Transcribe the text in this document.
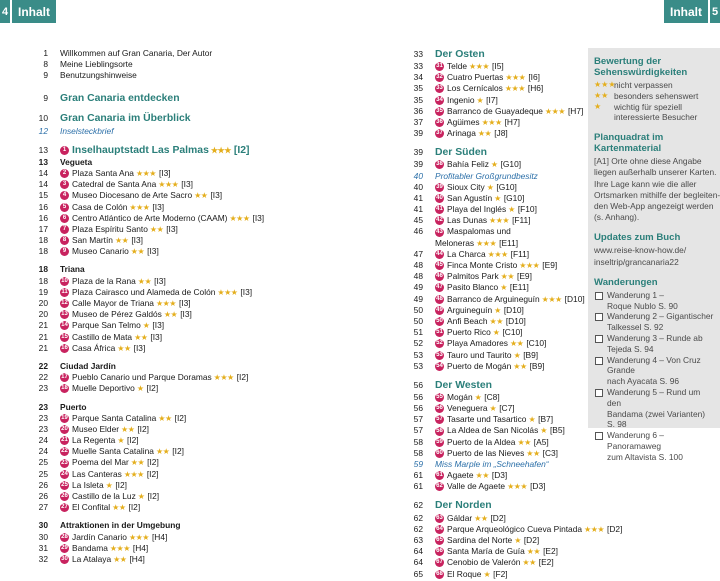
4 Inhalt	Inhalt 5
1 Willkommen auf Gran Canaria, Der Autor
8 Meine Lieblingsorte
9 Benutzungshinweise
9 Gran Canaria entdecken
10 Gran Canaria im Überblick
12 Inselsteckbrief
13	1 Inselhauptstadt Las Palmas ★★★ [I2]
13 Vegueta
14	2 Plaza Santa Ana ★★★ [I3]
14	3 Catedral de Santa Ana ★★★ [I3]
15	4 Museo Diocesano de Arte Sacro ★★ [I3]
16	5 Casa de Colón ★★★ [I3]
16	6 Centro Atlántico de Arte Moderno (CAAM) ★★★ [I3]
17	7 Plaza Espíritu Santo ★★ [I3]
18	8 San Martín ★★ [I3]
18	9 Museo Canario ★★ [I3]
18 Triana
18 10 Plaza de la Rana ★★ [I3]
19 11 Plaza Cairasco und Alameda de Colón ★★★ [I3]
20 12 Calle Mayor de Triana ★★★ [I3]
20 13 Museo de Pérez Galdós ★★ [I3]
21 14 Parque San Telmo ★ [I3]
21 15 Castillo de Mata ★★ [I3]
21 16 Casa África ★★ [I3]
22 Ciudad Jardín
22 17 Pueblo Canario und Parque Doramas ★★★ [I2]
23 18 Muelle Deportivo ★ [I2]
23 Puerto
23 19 Parque Santa Catalina ★★ [I2]
23 20 Museo Elder ★★ [I2]
24 21 La Regenta ★ [I2]
24 22 Muelle Santa Catalina ★★ [I2]
25 23 Poema del Mar ★★ [I2]
25 24 Las Canteras ★★★ [I2]
26 25 La Isleta ★ [I2]
26 26 Castillo de la Luz ★ [I2]
27 27 El Confital ★★ [I2]
30 Attraktionen in der Umgebung
30 28 Jardín Canario ★★★ [H4]
31 29 Bandama ★★★ [H4]
32 30 La Atalaya ★★ [H4]
33 Der Osten
33 31 Telde ★★★ [I5]
34 32 Cuatro Puertas ★★★ [I6]
35 33 Los Cernícalos ★★★ [H6]
35 34 Ingenio ★ [I7]
36 35 Barranco de Guayadeque ★★★ [H7]
37 36 Agüimes ★★★ [H7]
39 37 Arinaga ★★ [J8]
39 Der Süden
39 38 Bahía Feliz ★ [G10]
40 Profitabler Großgrundbesitz
40 39 Sioux City ★ [G10]
41 40 San Agustín ★ [G10]
41 41 Playa del Inglés ★ [F10]
45 42 Las Dunas ★★★ [F11]
46 43 Maspalomas und
Meloneras ★★★ [E11]
47 44 La Charca ★★★ [F11]
48 45 Finca Monte Cristo ★★★ [E9]
48 46 Palmitos Park ★★ [E9]
49 47 Pasito Blanco ★ [E11]
49 48 Barranco de Arguineguín ★★★ [D10]
50 49 Arguineguín ★ [D10]
50 50 Anfi Beach ★★ [D10]
51 51 Puerto Rico ★ [C10]
52 52 Playa Amadores ★★ [C10]
53 53 Tauro und Taurito ★ [B9]
53 54 Puerto de Mogán ★★ [B9]
56 Der Westen
56 55 Mogán ★ [C8]
56 56 Veneguera ★ [C7]
57 57 Tasarte und Tasartico ★ [B7]
57 58 La Aldea de San Nicolás ★ [B5]
58 59 Puerto de la Aldea ★★ [A5]
58 60 Puerto de las Nieves ★★ [C3]
59 Miss Marple im „Schneehafen“
61 61 Agaete ★★ [D3]
61 62 Valle de Agaete ★★★ [D3]
62 Der Norden
62 63 Gáldar ★★ [D2]
62 64 Parque Arqueológico Cueva Pintada ★★★ [D2]
63 65 Sardina del Norte ★ [D2]
64 66 Santa María de Guía ★★ [E2]
64 67 Cenobio de Valerón ★★ [E2]
65 68 El Roque ★ [F2]
Bewertung der
Sehenswürdigkeiten
★★★
nicht verpassen
★★ besonders sehenswert
★	wichtig für speziell
interessierte Besucher
Planquadrat im Kartenmaterial
[A1] Orte ohne diese Angabe
liegen außerhalb unserer Karten.
Ihre Lage kann wie die aller
Ortsmarken mithilfe der begleiten-
den Web-App angezeigt werden
(s. Anhang).
Updates zum Buch
www.reise-know-how.de/
inseltrip/grancanaria22
Wanderungen
Wanderung 1 –
Roque Nublo S. 90
Wanderung 2 – Gigantischer
Talkessel S. 92
Wanderung 3 – Runde ab
Tejeda S. 94
Wanderung 4 – Von Cruz Grande
nach Ayacata S. 96
Wanderung 5 – Rund um den
Bandama (zwei Varianten) S. 98
Wanderung 6 – Panoramaweg
zum Altavista S. 100
